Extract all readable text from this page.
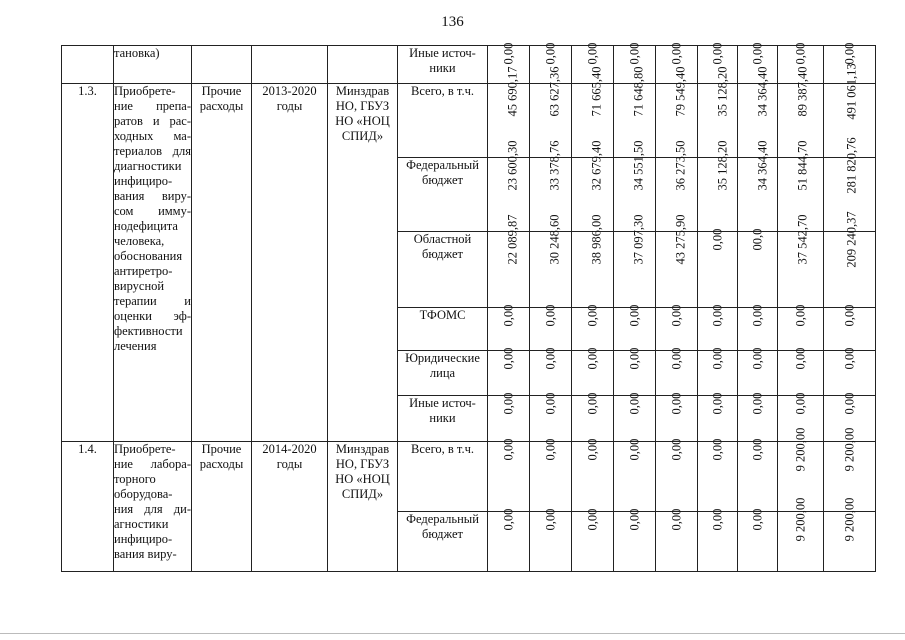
136
	тановка)				Иные источ-ники	0,00	0,00	0,00	0,00	0,00	0,00	0,00	0,00	0,00
1.3.	Приобрете-ние препа-ратов и рас-ходных ма-териалов для диагностики инфициро-вания виру-сом имму-нодефицита человека, обоснования антиретро-вирусной терапии и оценки эф-фективности лечения	Прочие расходы	2013-2020 годы	Минздрав НО, ГБУЗ НО «НОЦ СПИД»	Всего, в т.ч.	45 690,17	63 627,36	71 665,40	71 648,80	79 549,40	35 128,20	34 364,40	89 387,40	491 061,13
					Федеральный бюджет	23 600,30	33 378,76	32 679,40	34 551,50	36 273,50	35 128,20	34 364,40	51 844,70	281 820,76
					Областной бюджет	22 089,87	30 248,60	38 986,00	37 097,30	43 275,90	0,00	00,0	37 542,70	209 240,37
					ТФОМС	0,00	0,00	0,00	0,00	0,00	0,00	0,00	0,00	0,00
					Юридические лица	0,00	0,00	0,00	0,00	0,00	0,00	0,00	0,00	0,00
					Иные источ-ники	0,00	0,00	0,00	0,00	0,00	0,00	0,00	0,00	0,00
1.4.	Приобрете-ние лабора-торного оборудова-ния для ди-агностики инфициро-вания виру-	Прочие расходы	2014-2020 годы	Минздрав НО, ГБУЗ НО «НОЦ СПИД»	Всего, в т.ч.	0,00	0,00	0,00	0,00	0,00	0,00	0,00	9 200,00	9 200,00
					Федеральный бюджет	0,00	0,00	0,00	0,00	0,00	0,00	0,00	9 200,00	9 200,00
